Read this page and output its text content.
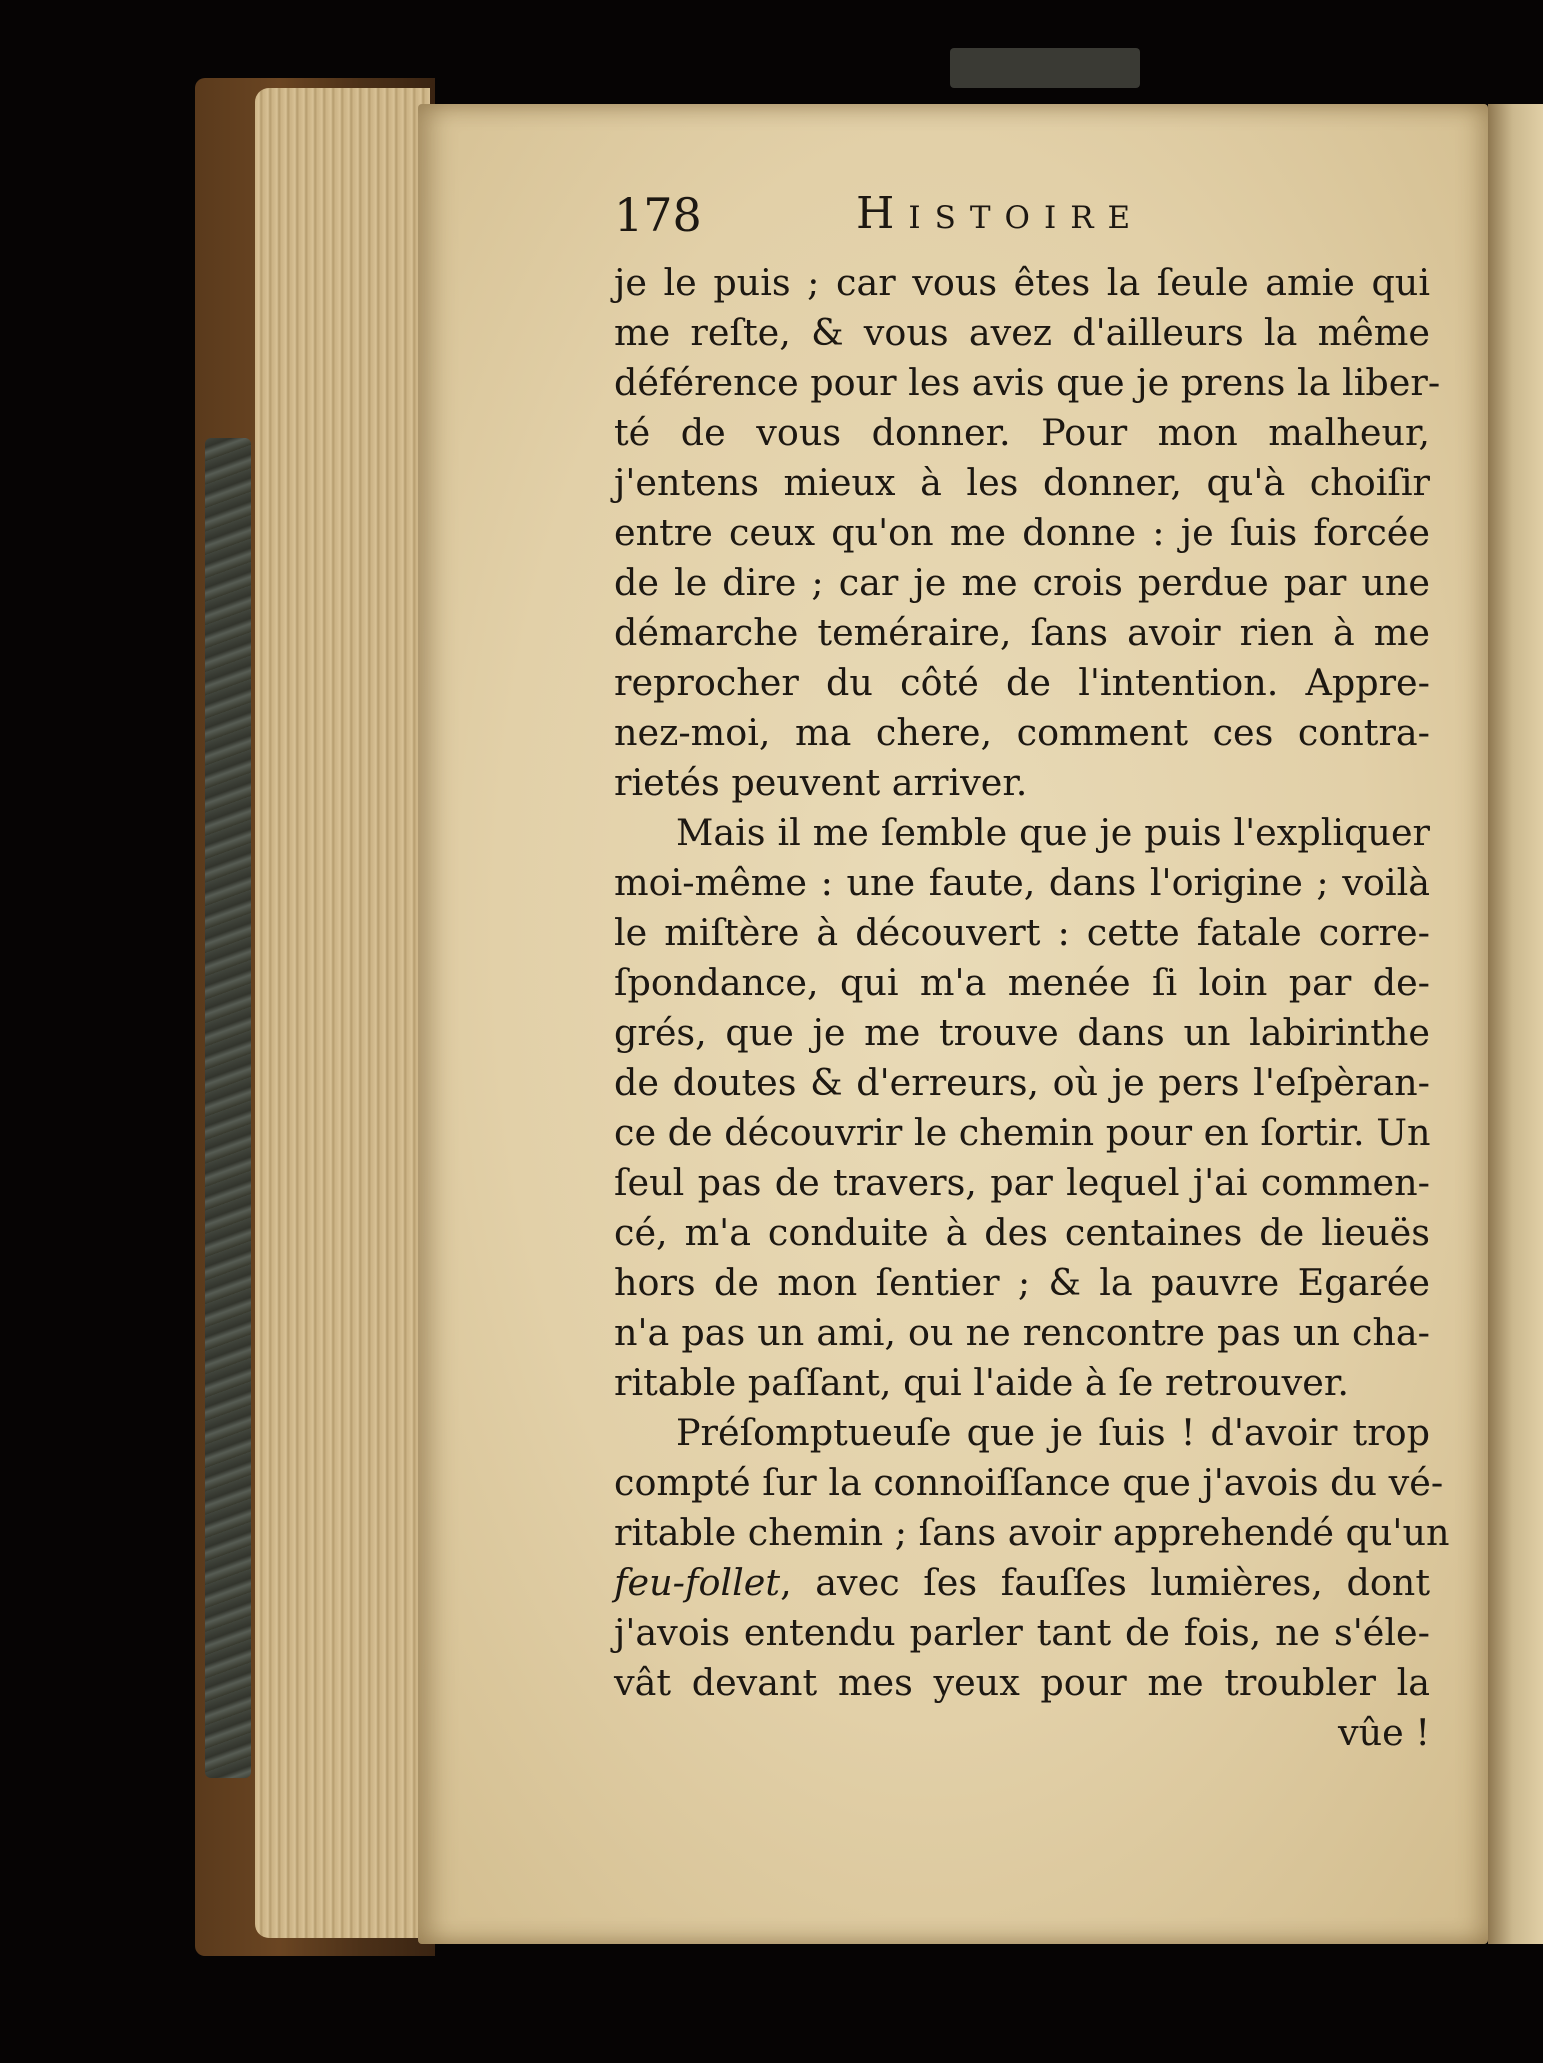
178	Histoire
je le puis ; car vous êtes la ſeule amie qui
me reſte, & vous avez d'ailleurs la même
déférence pour les avis que je prens la liber-
té de vous donner. Pour mon malheur,
j'entens mieux à les donner, qu'à choiſir
entre ceux qu'on me donne : je ſuis forcée
de le dire ; car je me crois perdue par une
démarche teméraire, ſans avoir rien à me
reprocher du côté de l'intention. Appre-
nez-moi, ma chere, comment ces contra-
rietés peuvent arriver.
Mais il me ſemble que je puis l'expliquer
moi-même : une faute, dans l'origine ; voilà
le miſtère à découvert : cette fatale corre-
ſpondance, qui m'a menée ſi loin par de-
grés, que je me trouve dans un labirinthe
de doutes & d'erreurs, où je pers l'eſpèran-
ce de découvrir le chemin pour en ſortir. Un
ſeul pas de travers, par lequel j'ai commen-
cé, m'a conduite à des centaines de lieuës
hors de mon ſentier ; & la pauvre Egarée
n'a pas un ami, ou ne rencontre pas un cha-
ritable paſſant, qui l'aide à ſe retrouver.
Préſomptueuſe que je ſuis ! d'avoir trop
compté ſur la connoiſſance que j'avois du vé-
ritable chemin ; ſans avoir apprehendé qu'un
feu-follet, avec ſes fauſſes lumières, dont
j'avois entendu parler tant de fois, ne s'éle-
vât devant mes yeux pour me troubler la
vûe !
